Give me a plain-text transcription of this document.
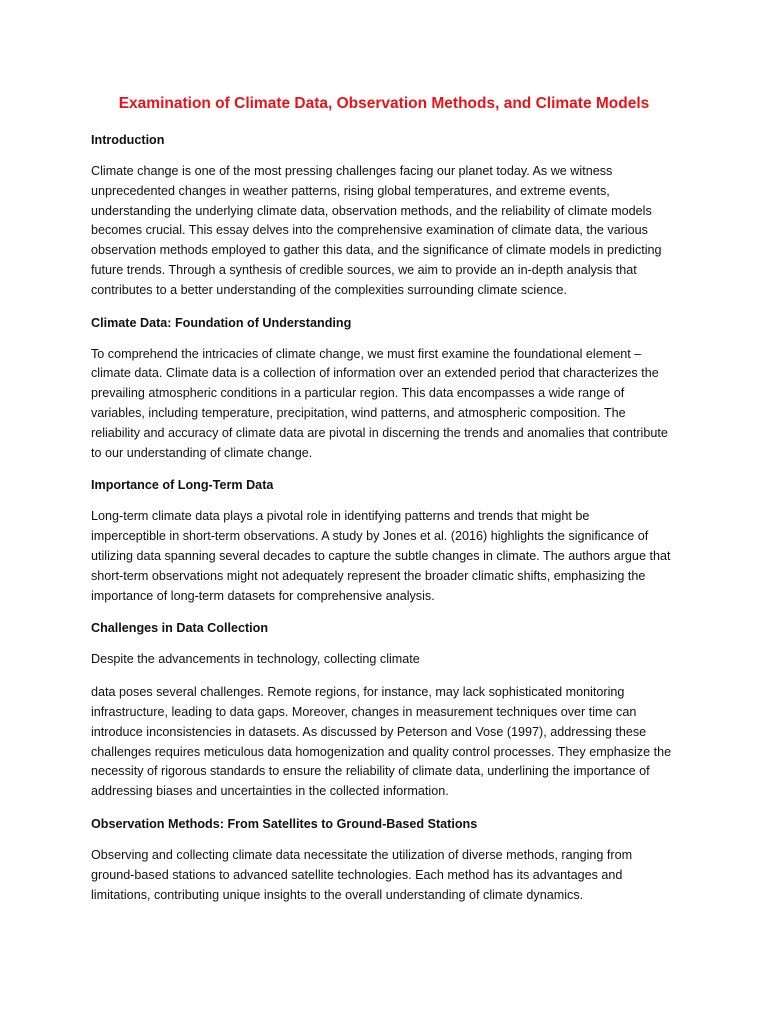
Examination of Climate Data, Observation Methods, and Climate Models
Introduction
Climate change is one of the most pressing challenges facing our planet today. As we witness
unprecedented changes in weather patterns, rising global temperatures, and extreme events,
understanding the underlying climate data, observation methods, and the reliability of climate models
becomes crucial. This essay delves into the comprehensive examination of climate data, the various
observation methods employed to gather this data, and the significance of climate models in predicting
future trends. Through a synthesis of credible sources, we aim to provide an in-depth analysis that
contributes to a better understanding of the complexities surrounding climate science.
Climate Data: Foundation of Understanding
To comprehend the intricacies of climate change, we must first examine the foundational element –
climate data. Climate data is a collection of information over an extended period that characterizes the
prevailing atmospheric conditions in a particular region. This data encompasses a wide range of
variables, including temperature, precipitation, wind patterns, and atmospheric composition. The
reliability and accuracy of climate data are pivotal in discerning the trends and anomalies that contribute
to our understanding of climate change.
Importance of Long-Term Data
Long-term climate data plays a pivotal role in identifying patterns and trends that might be
imperceptible in short-term observations. A study by Jones et al. (2016) highlights the significance of
utilizing data spanning several decades to capture the subtle changes in climate. The authors argue that
short-term observations might not adequately represent the broader climatic shifts, emphasizing the
importance of long-term datasets for comprehensive analysis.
Challenges in Data Collection
Despite the advancements in technology, collecting climate
data poses several challenges. Remote regions, for instance, may lack sophisticated monitoring
infrastructure, leading to data gaps. Moreover, changes in measurement techniques over time can
introduce inconsistencies in datasets. As discussed by Peterson and Vose (1997), addressing these
challenges requires meticulous data homogenization and quality control processes. They emphasize the
necessity of rigorous standards to ensure the reliability of climate data, underlining the importance of
addressing biases and uncertainties in the collected information.
Observation Methods: From Satellites to Ground-Based Stations
Observing and collecting climate data necessitate the utilization of diverse methods, ranging from
ground-based stations to advanced satellite technologies. Each method has its advantages and
limitations, contributing unique insights to the overall understanding of climate dynamics.
